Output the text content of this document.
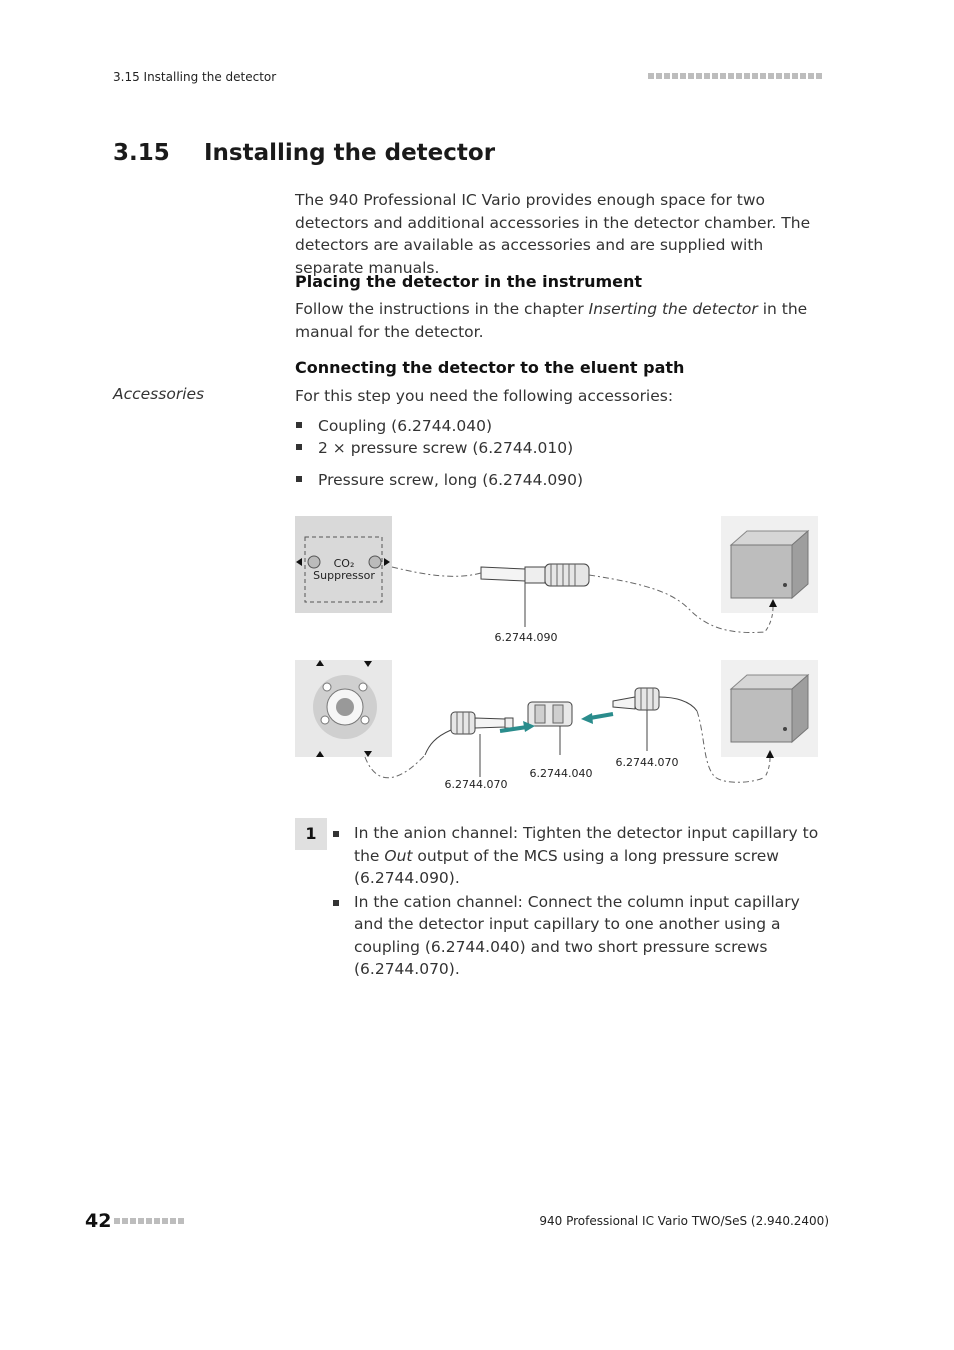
3.15 Installing the detector
3.15 Installing the detector
The 940 Professional IC Vario provides enough space for two detectors and additional accessories in the detector chamber. The detectors are available as accessories and are supplied with separate manuals.
Placing the detector in the instrument
Follow the instructions in the chapter Inserting the detector in the manual for the detector.
Connecting the detector to the eluent path
Accessories	For this step you need the following accessories:
Coupling (6.2744.040)
2 × pressure screw (6.2744.010)
Pressure screw, long (6.2744.090)
CO₂
Suppressor
6.2744.090
6.2744.070
6.2744.040
6.2744.070
1	In the anion channel: Tighten the detector input capillary to the Out output of the MCS using a long pressure screw (6.2744.090).
In the cation channel: Connect the column input capillary and the detector input capillary to one another using a coupling (6.2744.040) and two short pressure screws (6.2744.070).
42	940 Professional IC Vario TWO/SeS (2.940.2400)
